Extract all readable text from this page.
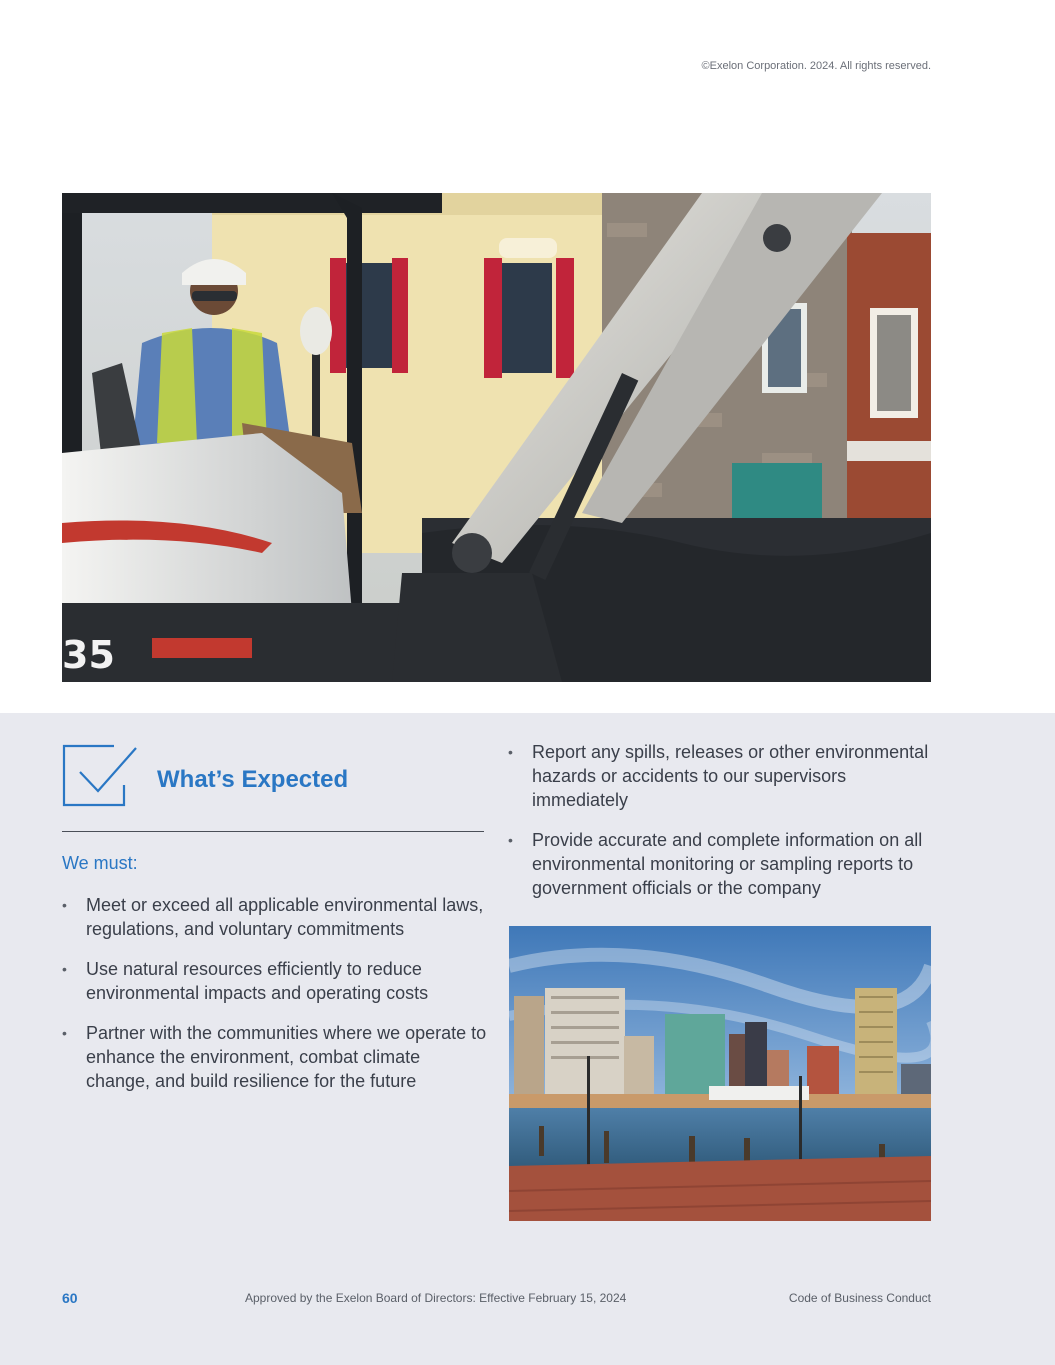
©Exelon Corporation. 2024. All rights reserved.
35
What’s Expected

We must:

• Meet or exceed all applicable environmental laws, regulations, and voluntary commitments
• Use natural resources efficiently to reduce environmental impacts and operating costs
• Partner with the communities where we operate to enhance the environment, combat climate change, and build resilience for the future
• Report any spills, releases or other environmental hazards or accidents to our supervisors immediately
• Provide accurate and complete information on all environmental monitoring or sampling reports to government officials or the company
60	Approved by the Exelon Board of Directors: Effective February 15, 2024	Code of Business Conduct
